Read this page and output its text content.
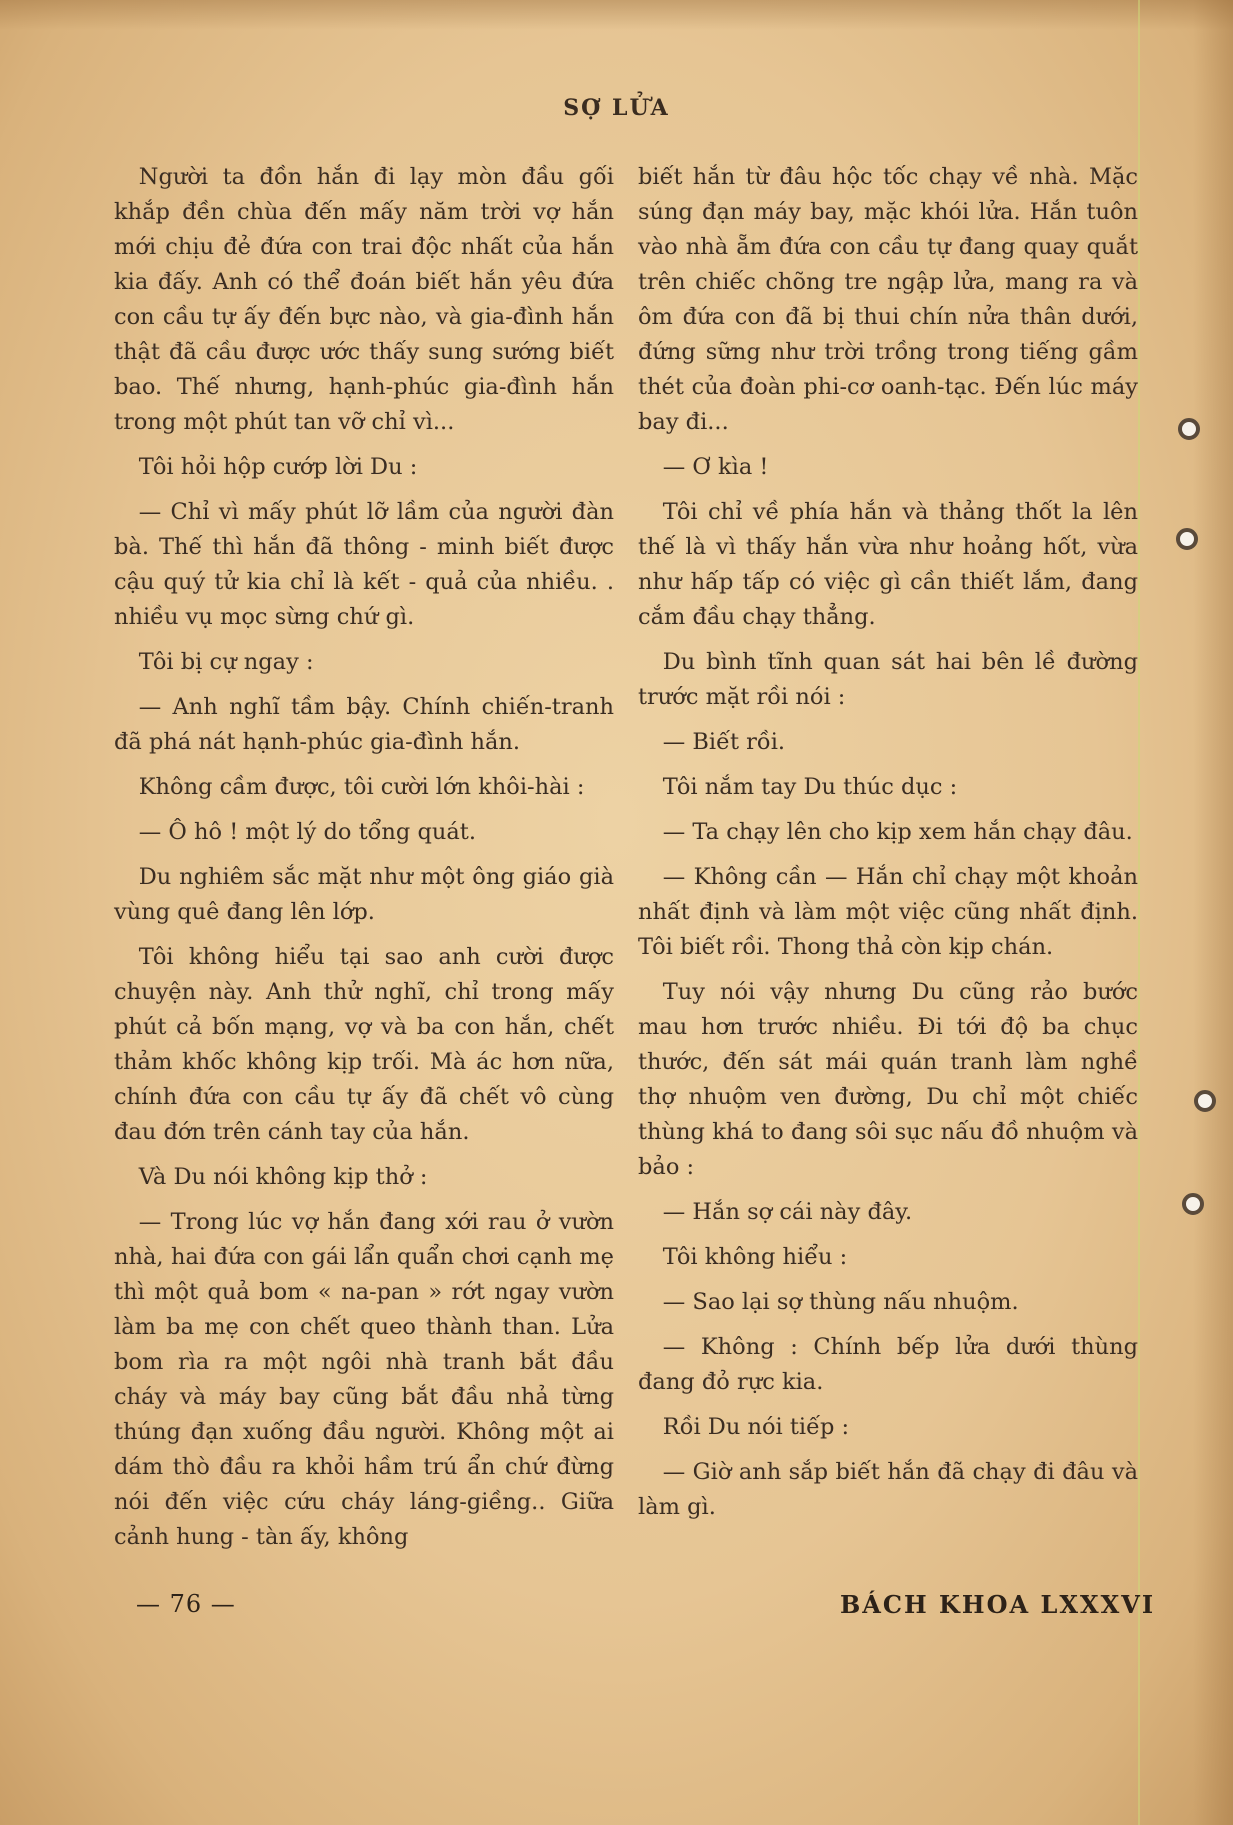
SỢ LỬA

Người ta đồn hắn đi lạy mòn đầu gối khắp đền chùa đến mấy năm trời vợ hắn mới chịu đẻ đứa con trai độc nhất của hắn kia đấy. Anh có thể đoán biết hắn yêu đứa con cầu tự ấy đến bực nào, và gia-đình hắn thật đã cầu được ước thấy sung sướng biết bao. Thế nhưng, hạnh-phúc gia-đình hắn trong một phút tan vỡ chỉ vì...

Tôi hỏi hộp cướp lời Du :

— Chỉ vì mấy phút lỡ lầm của người đàn bà. Thế thì hắn đã thông - minh biết được cậu quý tử kia chỉ là kết - quả của nhiều. . nhiều vụ mọc sừng chứ gì.

Tôi bị cự ngay :

— Anh nghĩ tầm bậy. Chính chiến-tranh đã phá nát hạnh-phúc gia-đình hắn.

Không cầm được, tôi cười lớn khôi-hài :

— Ô hô ! một lý do tổng quát.

Du nghiêm sắc mặt như một ông giáo già vùng quê đang lên lớp.

Tôi không hiểu tại sao anh cười được chuyện này. Anh thử nghĩ, chỉ trong mấy phút cả bốn mạng, vợ và ba con hắn, chết thảm khốc không kịp trối. Mà ác hơn nữa, chính đứa con cầu tự ấy đã chết vô cùng đau đớn trên cánh tay của hắn.

Và Du nói không kịp thở :

— Trong lúc vợ hắn đang xới rau ở vườn nhà, hai đứa con gái lẩn quẩn chơi cạnh mẹ thì một quả bom « na-pan » rớt ngay vườn làm ba mẹ con chết queo thành than. Lửa bom rìa ra một ngôi nhà tranh bắt đầu cháy và máy bay cũng bắt đầu nhả từng thúng đạn xuống đầu người. Không một ai dám thò đầu ra khỏi hầm trú ẩn chứ đừng nói đến việc cứu cháy láng-giềng.. Giữa cảnh hung - tàn ấy, không

biết hắn từ đâu hộc tốc chạy về nhà. Mặc súng đạn máy bay, mặc khói lửa. Hắn tuôn vào nhà ẵm đứa con cầu tự đang quay quắt trên chiếc chõng tre ngập lửa, mang ra và ôm đứa con đã bị thui chín nửa thân dưới, đứng sững như trời trồng trong tiếng gầm thét của đoàn phi-cơ oanh-tạc. Đến lúc máy bay đi...

— Ơ kìa !

Tôi chỉ về phía hắn và thảng thốt la lên thế là vì thấy hắn vừa như hoảng hốt, vừa như hấp tấp có việc gì cần thiết lắm, đang cắm đầu chạy thẳng.

Du bình tĩnh quan sát hai bên lề đường trước mặt rồi nói :

— Biết rồi.

Tôi nắm tay Du thúc dục :

— Ta chạy lên cho kịp xem hắn chạy đâu.

— Không cần — Hắn chỉ chạy một khoản nhất định và làm một việc cũng nhất định. Tôi biết rồi. Thong thả còn kịp chán.

Tuy nói vậy nhưng Du cũng rảo bước mau hơn trước nhiều. Đi tới độ ba chục thước, đến sát mái quán tranh làm nghề thợ nhuộm ven đường, Du chỉ một chiếc thùng khá to đang sôi sục nấu đồ nhuộm và bảo :

— Hắn sợ cái này đây.

Tôi không hiểu :

— Sao lại sợ thùng nấu nhuộm.

— Không : Chính bếp lửa dưới thùng đang đỏ rực kia.

Rồi Du nói tiếp :

— Giờ anh sắp biết hắn đã chạy đi đâu và làm gì.

— 76 —	BÁCH KHOA LXXXVI
